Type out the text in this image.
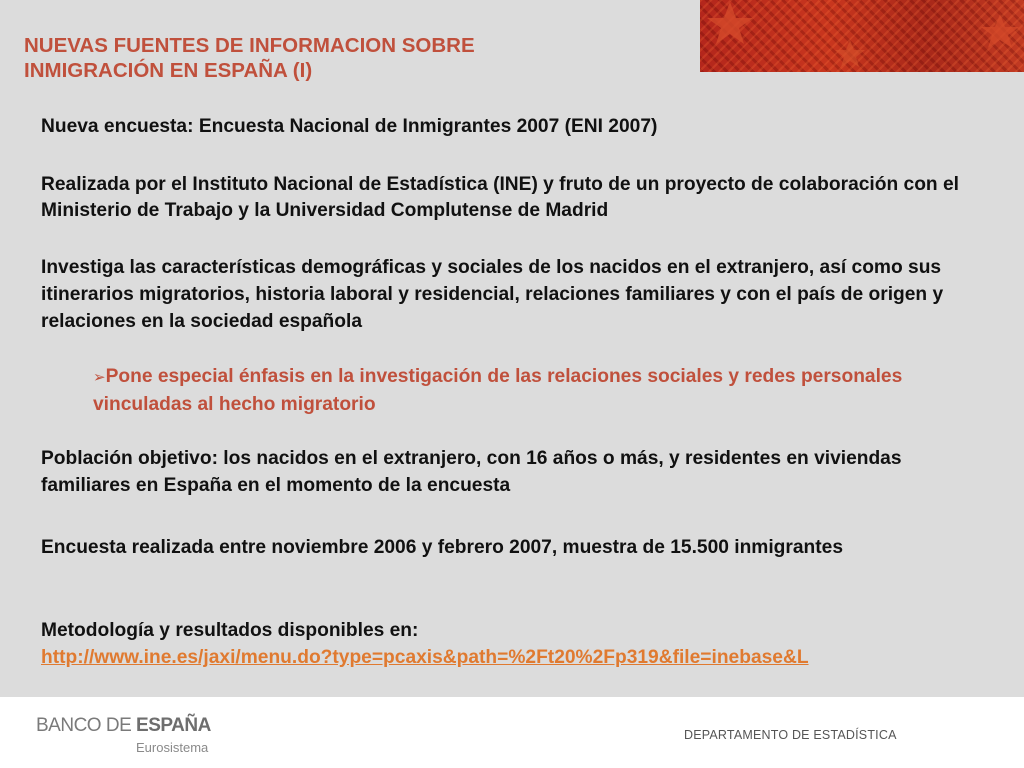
NUEVAS FUENTES DE INFORMACION SOBRE
INMIGRACIÓN EN ESPAÑA (I)

Nueva encuesta: Encuesta Nacional de Inmigrantes 2007 (ENI 2007)

Realizada por el Instituto Nacional de Estadística (INE) y fruto de un proyecto de colaboración con el Ministerio de Trabajo y la Universidad Complutense de Madrid

Investiga las características demográficas y sociales de los nacidos en el extranjero, así como sus itinerarios migratorios, historia laboral y residencial, relaciones familiares y con el país de origen y relaciones en la sociedad española

➢Pone especial énfasis en la investigación de las relaciones sociales y redes personales vinculadas al hecho migratorio

Población objetivo: los nacidos en el extranjero, con 16 años o más, y residentes en viviendas familiares en España en el momento de la encuesta

Encuesta realizada entre noviembre 2006 y febrero 2007, muestra de 15.500 inmigrantes

Metodología y resultados disponibles en:
http://www.ine.es/jaxi/menu.do?type=pcaxis&path=%2Ft20%2Fp319&file=inebase&L

BANCO DE ESPAÑA
Eurosistema
DEPARTAMENTO DE ESTADÍSTICA
